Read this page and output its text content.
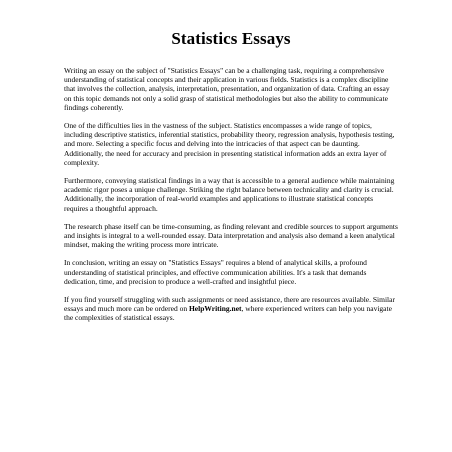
Statistics Essays

Writing an essay on the subject of "Statistics Essays" can be a challenging task, requiring a comprehensive understanding of statistical concepts and their application in various fields. Statistics is a complex discipline that involves the collection, analysis, interpretation, presentation, and organization of data. Crafting an essay on this topic demands not only a solid grasp of statistical methodologies but also the ability to communicate findings coherently.

One of the difficulties lies in the vastness of the subject. Statistics encompasses a wide range of topics, including descriptive statistics, inferential statistics, probability theory, regression analysis, hypothesis testing, and more. Selecting a specific focus and delving into the intricacies of that aspect can be daunting. Additionally, the need for accuracy and precision in presenting statistical information adds an extra layer of complexity.

Furthermore, conveying statistical findings in a way that is accessible to a general audience while maintaining academic rigor poses a unique challenge. Striking the right balance between technicality and clarity is crucial. Additionally, the incorporation of real-world examples and applications to illustrate statistical concepts requires a thoughtful approach.

The research phase itself can be time-consuming, as finding relevant and credible sources to support arguments and insights is integral to a well-rounded essay. Data interpretation and analysis also demand a keen analytical mindset, making the writing process more intricate.

In conclusion, writing an essay on "Statistics Essays" requires a blend of analytical skills, a profound understanding of statistical principles, and effective communication abilities. It's a task that demands dedication, time, and precision to produce a well-crafted and insightful piece.

If you find yourself struggling with such assignments or need assistance, there are resources available. Similar essays and much more can be ordered on HelpWriting.net, where experienced writers can help you navigate the complexities of statistical essays.
